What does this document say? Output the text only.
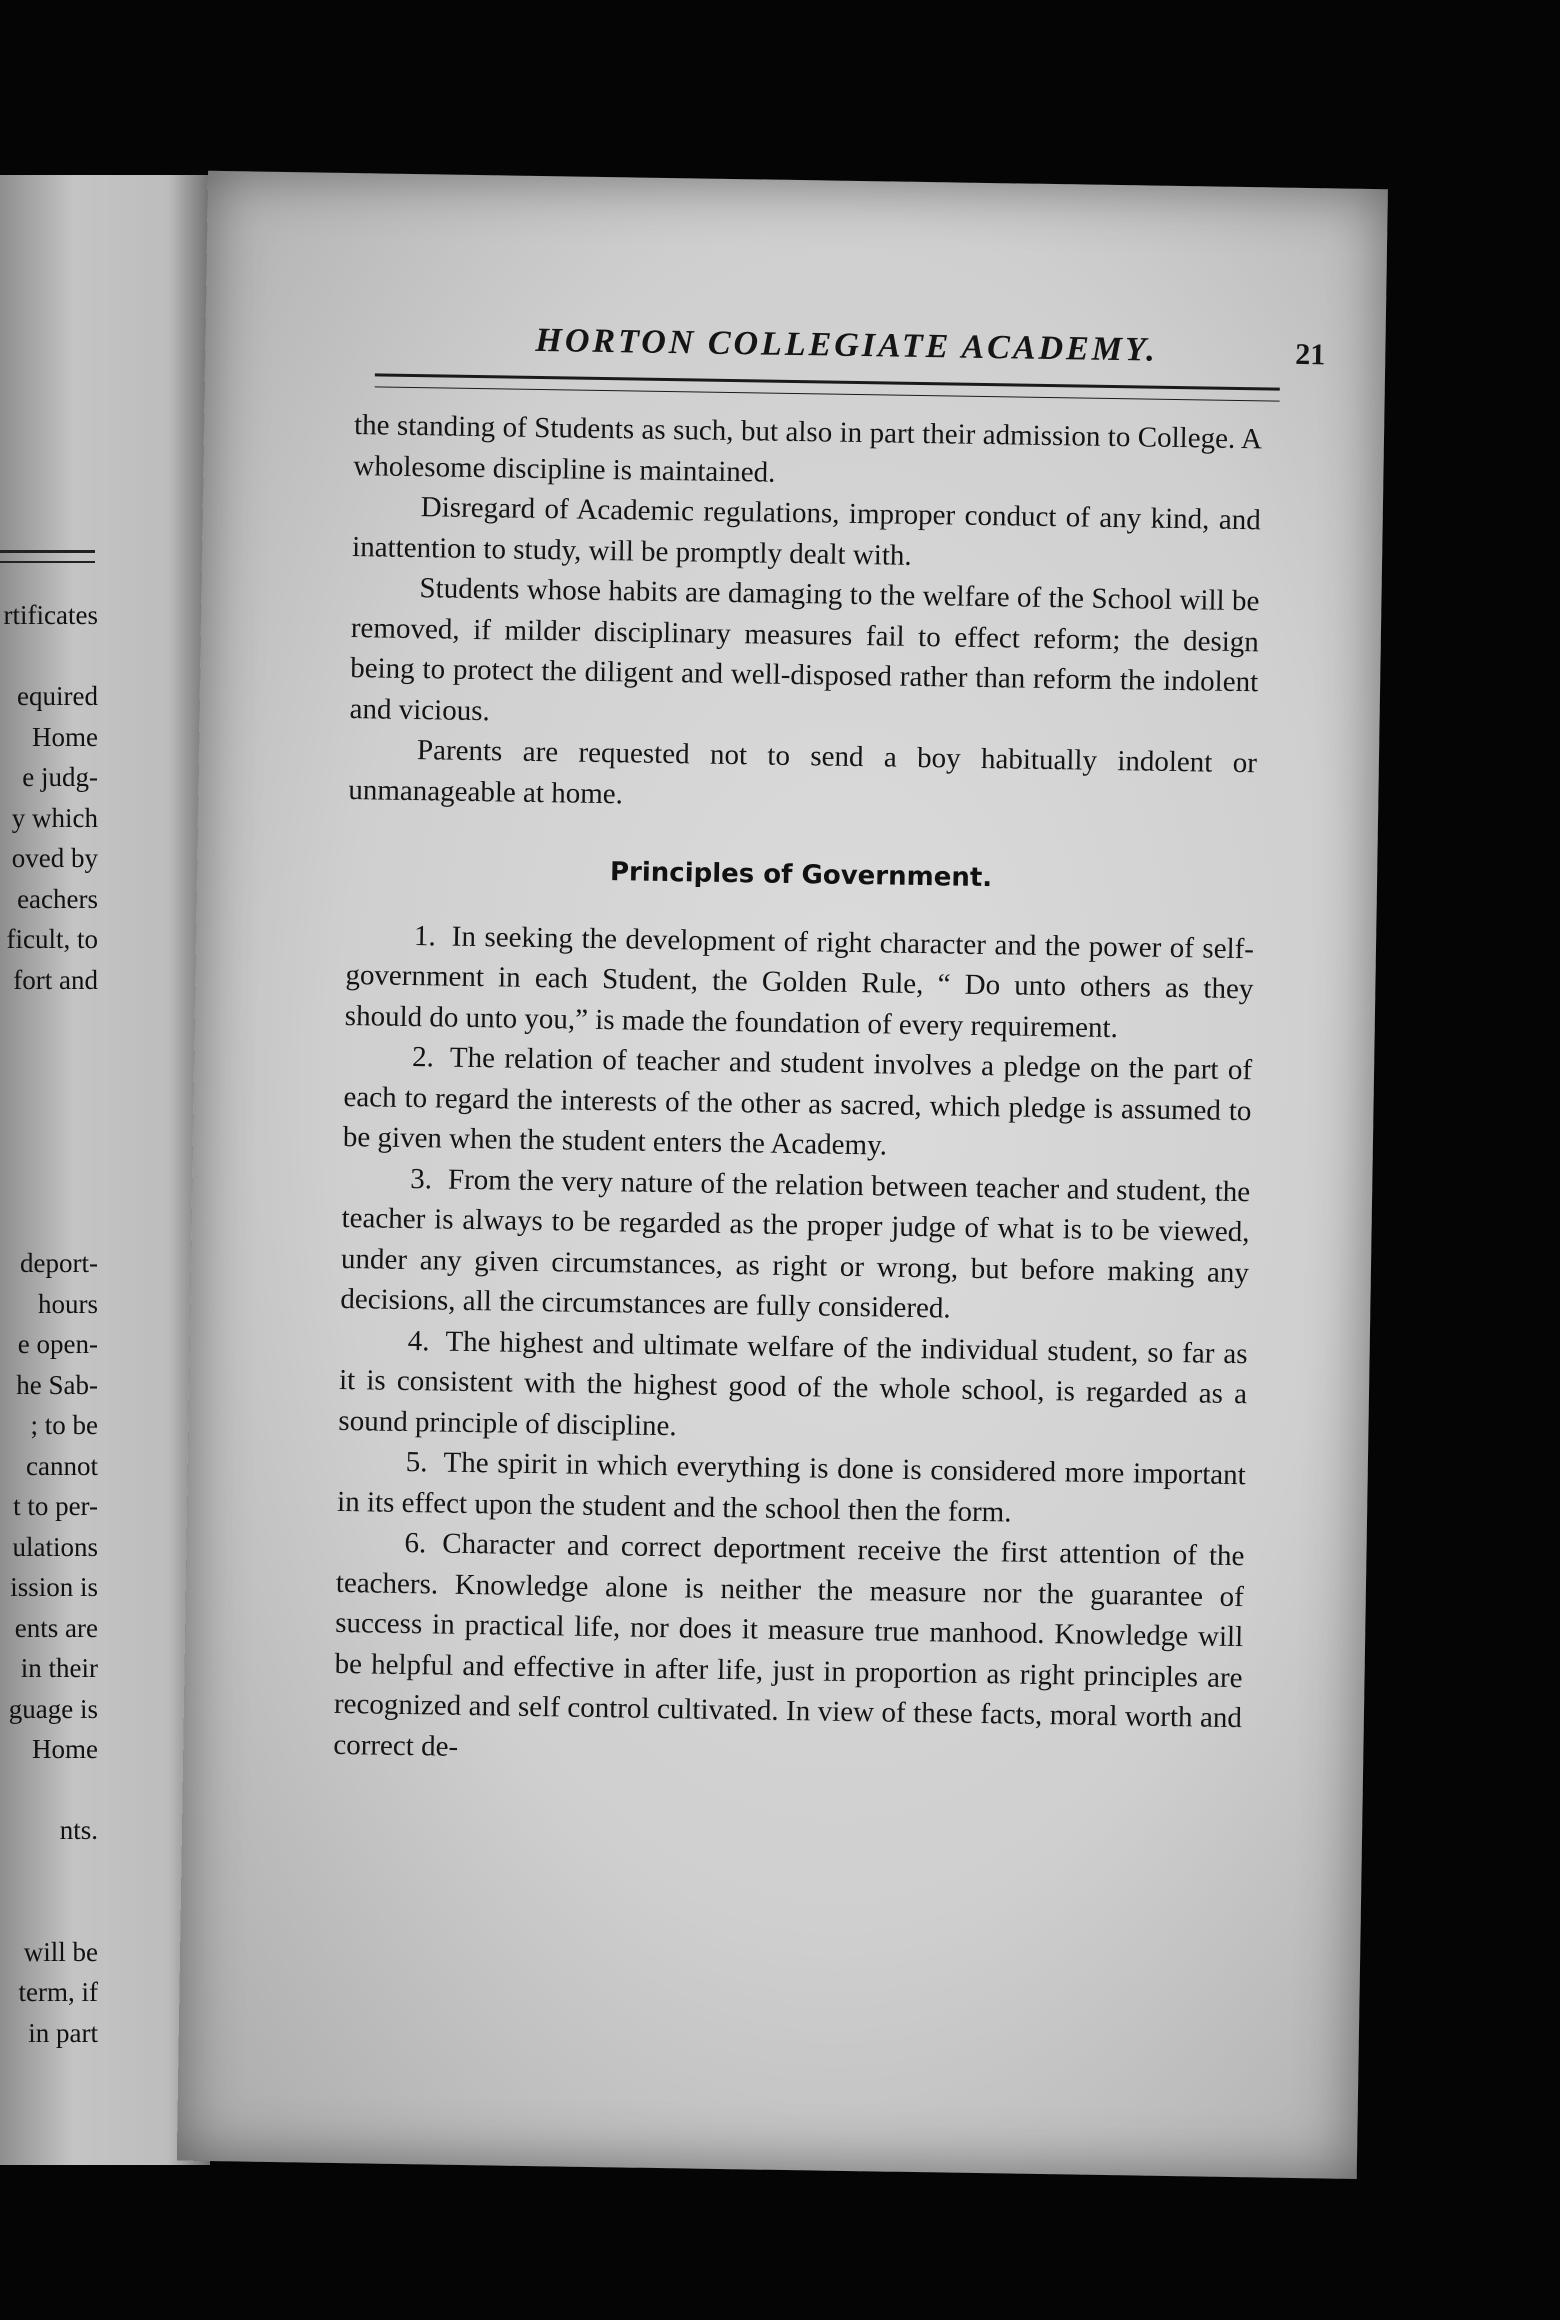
rtificates

equired
Home
e judg-
y which
oved by
eachers
ficult, to
fort and

deport-
hours
e open-
he Sab-
; to be
cannot
t to per-
ulations
ission is
ents are
in their
guage is
Home

nts.

will be
term, if
in part
HORTON COLLEGIATE ACADEMY.	21

the standing of Students as such, but also in part their admission to College. A wholesome discipline is maintained.

Disregard of Academic regulations, improper conduct of any kind, and inattention to study, will be promptly dealt with.

Students whose habits are damaging to the welfare of the School will be removed, if milder disciplinary measures fail to effect reform; the design being to protect the diligent and well-disposed rather than reform the indolent and vicious.

Parents are requested not to send a boy habitually indolent or unmanageable at home.

Principles of Government.

1. In seeking the development of right character and the power of self-government in each Student, the Golden Rule, “ Do unto others as they should do unto you,” is made the foundation of every requirement.

2. The relation of teacher and student involves a pledge on the part of each to regard the interests of the other as sacred, which pledge is assumed to be given when the student enters the Academy.

3. From the very nature of the relation between teacher and student, the teacher is always to be regarded as the proper judge of what is to be viewed, under any given circumstances, as right or wrong, but before making any decisions, all the circumstances are fully considered.

4. The highest and ultimate welfare of the individual student, so far as it is consistent with the highest good of the whole school, is regarded as a sound principle of discipline.

5. The spirit in which everything is done is considered more important in its effect upon the student and the school then the form.

6. Character and correct deportment receive the first attention of the teachers. Knowledge alone is neither the measure nor the guarantee of success in practical life, nor does it measure true manhood. Knowledge will be helpful and effective in after life, just in proportion as right principles are recognized and self control cultivated. In view of these facts, moral worth and correct de-
